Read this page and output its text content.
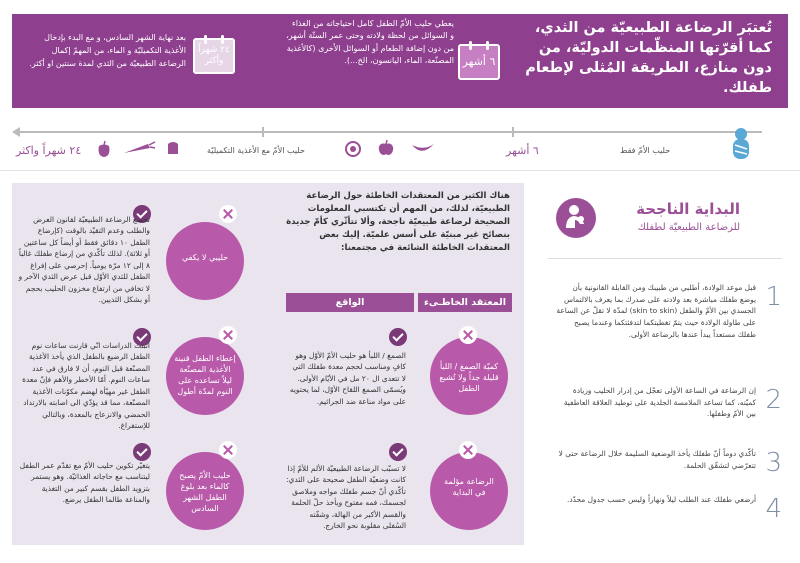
تُعتبَر الرضاعة الطبيعيّة من الثدي، كما أقرّتها المنظّمات الدوليّة، من دون منازع، الطريقة المُثلى لإطعام طفلك.
٦ أشهر
يعطي حليب الأمّ الطفل كامل احتياجاته من الغذاء و السوائل من لحظة ولادته وحتى عمر الستّة أشهر، من دون إضافة الطعام أو السوائل الأخرى (كالأغذية المصنّعة، الماء، اليانسون، الخ...).
٢٤ شهراً وأكثر
بعد نهاية الشهر السادس، و مع البدء بإدخال الأغذية التكميليّة و الماء، من المهمّ إكمال الرضاعة الطبيعيّة من الثدي لمدة سنتين او أكثر.
حليب الأمّ فقط
٦ أشهر
حليب الأمّ مع الأغذية التكميليّة
٢٤ شهراً واكثر
البداية الناجحة
للرضاعة الطبيعيّة لطفلك
1
قبل موعد الولادة، أطلبي من طبيبك ومن القابلة القانونية بأن يوضع طفلك مباشرة بعد ولادته على صدرك بما يعرف بالالتماس الجسدي بين الأمّ والطفل (skin to skin) لمدّة لا تقلّ عن الساعة على طاولة الولادة حيث يتمّ تغطيتكما لتدفئتكما وعندما يصبح طفلك مستعداً يبدأ عندها بالرضاعة الأولى.
2
إن الرضاعة في الساعة الأولى تعجّل من إدرار الحليب وزيادة كميّته، كما تساعد الملامسة الجلدية على توطيد العلاقة العاطفية بين الأمّ وطفلها.
3
تأكّدي دوماً أنّ طفلك يأخذ الوضعية السليمة خلال الرضاعة حتى لا تتعرّضي لتشقّق الحلمة.
4
أرضعي طفلك عند الطلب ليلاً ونهاراً وليس حسب جدول محدّد.
هناك الكثير من المعتقدات الخاطئة حول الرضاعة الطبيعيّة، لذلك، من المهم أن تكتسبي المعلومات الصحيحة لرضاعة طبيعيّة ناجحة، وألا تتأثّري كأمّ جديدة بنصائح غير مبنيّة على أسس علميّة. إليك بعض المعتقدات الخاطئة الشائعة في مجتمعنا:
المعتقد الخاطـىء
الواقع
كميّة الصمغ / اللبأ قليلة جداً ولا تُشبع الطفل
الصمغ / اللبأ هو حليب الأمّ الأوّل وهو كافٍ ومناسب لحجم معدة طفلك التي لا تتعدى ال ٢٠ مل في الأيّام الأولى. ويُسمّى الصمغ اللقاح الأوّل، لما يحتويه على مواد مناعة ضد الجراثيم.
الرضاعة مؤلمة في البداية
لا تسبّب الرضاعة الطبيعيّة الألم للأمّ إذا كانت وضعيّة الطفل صحيحة على الثدي: تأكّدي أنّ جسم طفلك مواجه وملاصق لجسمك، فمه مفتوح ويأخذ حلّ الحلمة والقسم الأكبر من الهالة، وشفّته السُفلى مقلوبة نحو الخارج.
حليبي لا يكفي
تخضع الرضاعة الطبيعيّة لقانون العرض والطلب وعدم التقيّد بالوقت (كإرضاع الطفل ١٠ دقائق فقط أو أيضاً كل ساعتين أو ثلاثة). لذلك تأكّدي من إرضاع طفلك غالباً ٨ إلى ١٢ مرّة يومياً. إحرصي على إفراغ الطفل للثدي الأوّل قبل عرض الثدي الآخر و لا تخافي من ارتفاع مخزون الحليب بحجم أو بشكل الثديين.
إعطاء الطفل قنينة الأغذية المصنّعة ليلاً تساعده على النوم لمدّة أطول
أثبتت الدراسات انّي قارنت ساعات نوم الطفل الرضيع بالطفل الذي يأخذ الأغذية المصنّعة قبل النوم، أن لا فارق في عدد ساعات النوم. أمّا الأخطر والأهم فإنّ معدة الطفل غير مهيّأة لهضم مكوّنات الأغذية المصنّعة، مما قد يؤدّي الى اصابته بالارتداد الحمضي والانزعاج بالمعدة، وبالتالي للإستفراغ.
حليب الأمّ يصبح كالماء بعد بلوغ الطفل الشهر السادس
يتغيّر تكوين حليب الأمّ مع تقدّم عمر الطفل ليتناسب مع حاجاته الغذائيّة. وهو يستمر بتزويد الطفل بقسم كبير من التغذية والمناعة طالما الطفل يرضع.
